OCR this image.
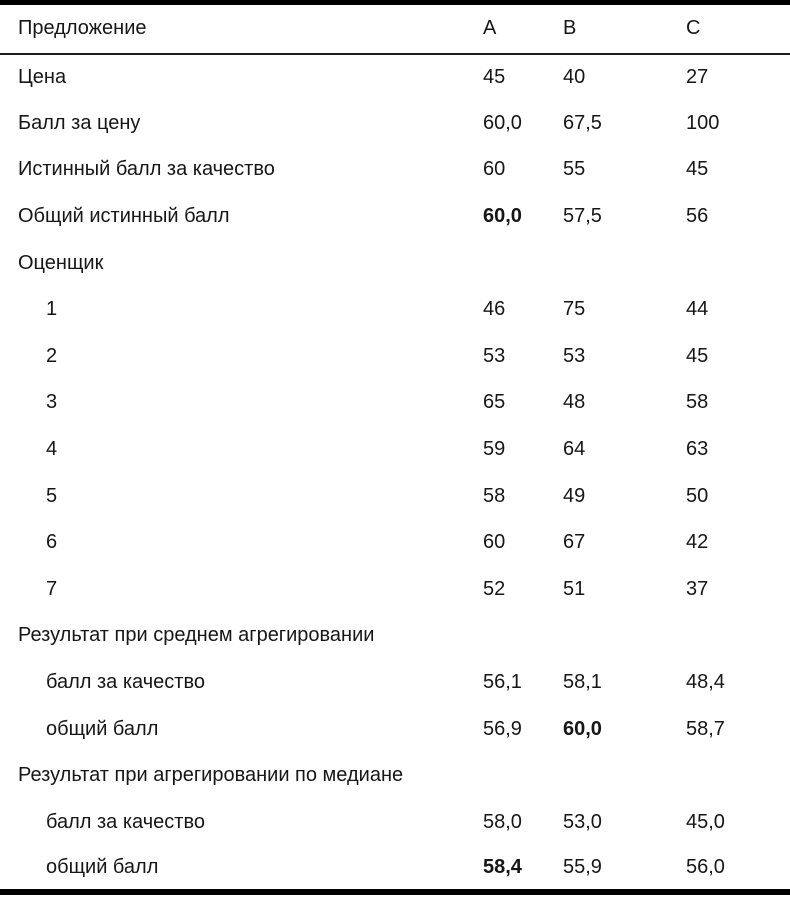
Предложение	A	B	C
Цена	45	40	27
Балл за цену	60,0	67,5	100
Истинный балл за качество	60	55	45
Общий истинный балл	60,0	57,5	56
Оценщик			
1	46	75	44
2	53	53	45
3	65	48	58
4	59	64	63
5	58	49	50
6	60	67	42
7	52	51	37
Результат при среднем агрегировании			
балл за качество	56,1	58,1	48,4
общий балл	56,9	60,0	58,7
Результат при агрегировании по медиане			
балл за качество	58,0	53,0	45,0
общий балл	58,4	55,9	56,0
